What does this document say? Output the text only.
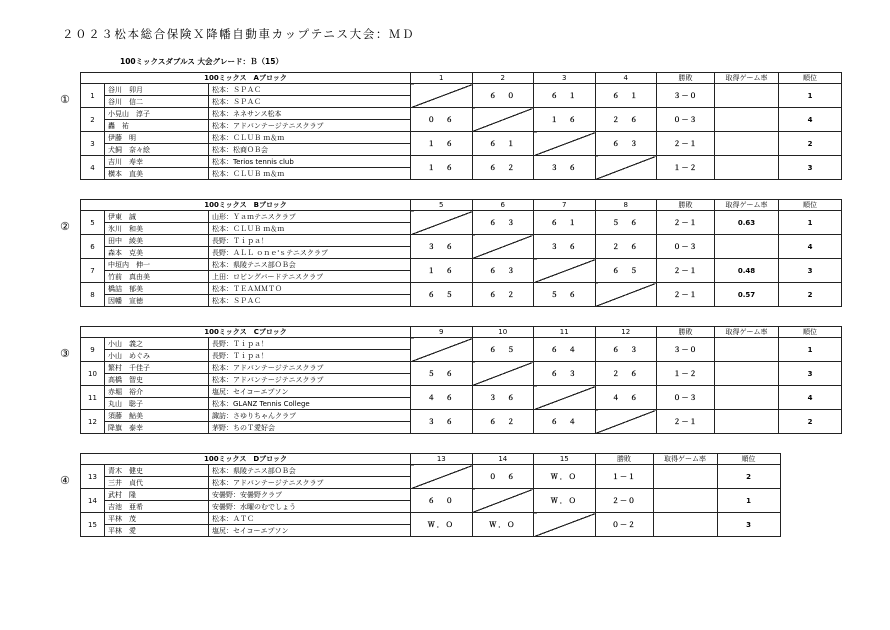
２０２３松本総合保険Ｘ降幡自動車カップテニス大会：ＭＤ
100ミックスダブルス 大会グレード：Ｂ（15）
①
100ミックス　Aブロック			1	2	3	4	勝敗	取得ゲーム率	順位
1	谷川　卯月	松本：ＳＰＡＣ		６　０	６　１	６　１	３－０		1
	谷川　信二	松本：ＳＰＡＣ							
2	小見山　淳子	松本：ネネサンス松本	０　６		１　６	２　６	０－３		4
	轟　祐	松本：アドバンテージテニスクラブ							
3	伊藤　明	松本：ＣＬＵＢ ｍ＆ｍ	１　６	６　１		６　３	２－１		2
	犬飼　奈々絵	松本：松商ＯＢ会							
4	吉川　寿幸	松本：Terios tennis club	１　６	６　２	３　６		１－２		3
	横本　直美	松本：ＣＬＵＢ ｍ＆ｍ							
②
100ミックス　Bブロック			5	6	7	8	勝敗	取得ゲーム率	順位
5	伊東　誠	山形：Ｙａｍテニスクラブ		６　３	６　１	５　６	２－１	0.63	1
	氷川　和美	松本：ＣＬＵＢ ｍ＆ｍ							
6	田中　綾美	長野：Ｔｉｐａ！	３　６		３　６	２　６	０－３		4
	森本　克美	長野：ＡＬＬ ｏｎｅ'ｓテニスクラブ							
7	中垣内　伸一	松本：県陵テニス部ＯＢ会	１　６	６　３		６　５	２－１	0.48	3
	竹前　真由美	上田：ロビングバードテニスクラブ							
8	橋詰　郁美	松本：ＴＥＡＭＭＴＯ	６　５	６　２	５　６		２－１	0.57	2
	因幡　宣徳	松本：ＳＰＡＣ							
③
100ミックス　Cブロック			9	10	11	12	勝敗	取得ゲーム率	順位
9	小山　義之	長野：Ｔｉｐａ！		６　５	６　４	６　３	３－０		1
	小山　めぐみ	長野：Ｔｉｐａ！							
10	繁村　千佳子	松本：アドバンテージテニスクラブ	５　６		６　３	２　６	１－２		3
	高橋　智史	松本：アドバンテージテニスクラブ							
11	赤堀　裕介	塩尻：セイコーエプソン	４　６	３　６		４　６	０－３		4
	丸山　聡子	松本：GLANZ Tennis College							
12	須藤　鮎美	諏訪：さゆりちゃんクラブ	３　６	６　２	６　４		２－１		2
	降旗　泰幸	茅野：ちのＴ愛好会							
④
100ミックス　Dブロック			13	14	15	勝敗	取得ゲーム率	順位
13	青木　健史	松本：県陵テニス部ＯＢ会		０　６	Ｗ．Ｏ	１－１		2
	三井　貞代	松本：アドバンテージテニスクラブ						
14	武村　隆	安曇野：安曇野クラブ	６　０		Ｗ．Ｏ	２－０		1
	吉池　亜希	安曇野：水曜のむでしょう						
15	平林　茂	松本：ＡＴＣ	Ｗ．Ｏ	Ｗ．Ｏ		０－２		3
	平林　愛	塩尻：セイコーエプソン						
